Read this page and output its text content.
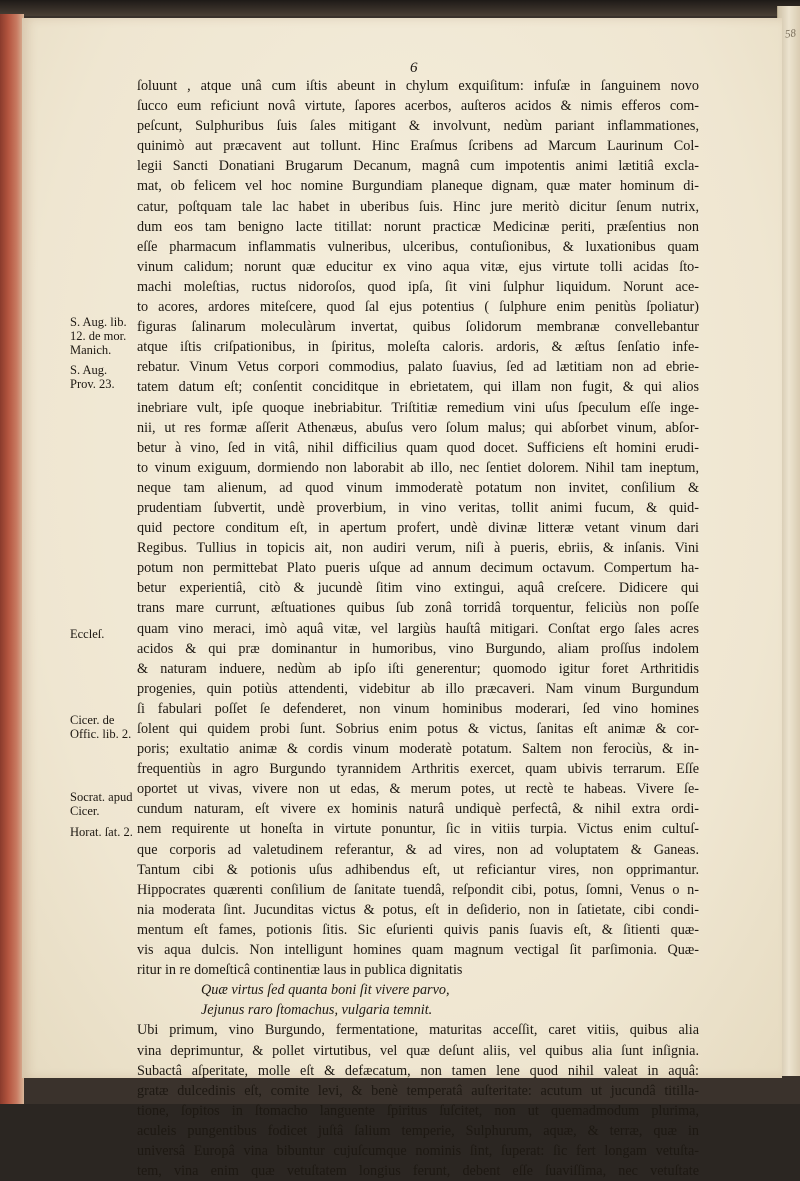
6
58
S. Aug. lib.
12. de mor.
Manich.
S. Aug.
Prov. 23.
Eccleſ.
Cicer. de
Offic. lib. 2.
Socrat. apud
Cicer.
Horat. ſat. 2.
ſoluunt , atque unâ cum iſtis abeunt in chylum exquiſitum: infuſæ in ſanguinem novo
ſucco eum reficiunt novâ virtute, ſapores acerbos, auſteros acidos & nimis efferos com-
peſcunt, Sulphuribus ſuis ſales mitigant & involvunt, nedùm pariant inflammationes,
quinimò aut præcavent aut tollunt. Hinc Eraſmus ſcribens ad Marcum Laurinum Col-
legii Sancti Donatiani Brugarum Decanum, magnâ cum impotentis animi lætitiâ excla-
mat, ob felicem vel hoc nomine Burgundiam planeque dignam, quæ mater hominum di-
catur, poſtquam tale lac habet in uberibus ſuis. Hinc jure meritò dicitur ſenum nutrix,
dum eos tam benigno lacte titillat: norunt practicæ Medicinæ periti, præſentius non
eſſe pharmacum inflammatis vulneribus, ulceribus, contuſionibus, & luxationibus quam
vinum calidum; norunt quæ educitur ex vino aqua vitæ, ejus virtute tolli acidas ſto-
machi moleſtias, ructus nidoroſos, quod ipſa, ſit vini ſulphur liquidum. Norunt ace-
to acores, ardores miteſcere, quod ſal ejus potentius ( ſulphure enim penitùs ſpoliatur)
figuras ſalinarum moleculàrum invertat, quibus ſolidorum membranæ convellebantur
atque iſtis criſpationibus, in ſpiritus, moleſta caloris. ardoris, & æſtus ſenſatio infe-
rebatur. Vinum Vetus corpori commodius, palato ſuavius, ſed ad lætitiam non ad ebrie-
tatem datum eſt; conſentit conciditque in ebrietatem, qui illam non fugit, & qui alios
inebriare vult, ipſe quoque inebriabitur. Triſtitiæ remedium vini uſus ſpeculum eſſe inge-
nii, ut res formæ aſſerit Athenæus, abuſus vero ſolum malus; qui abſorbet vinum, abſor-
betur à vino, ſed in vitâ, nihil difficilius quam quod docet. Sufficiens eſt homini erudi-
to vinum exiguum, dormiendo non laborabit ab illo, nec ſentiet dolorem. Nihil tam ineptum,
neque tam alienum, ad quod vinum immoderatè potatum non invitet, conſilium &
prudentiam ſubvertit, undè proverbium, in vino veritas, tollit animi fucum, & quid-
quid pectore conditum eſt, in apertum profert, undè divinæ litteræ vetant vinum dari
Regibus. Tullius in topicis ait, non audiri verum, niſi à pueris, ebriis, & inſanis. Vini
potum non permittebat Plato pueris uſque ad annum decimum octavum. Compertum ha-
betur experientiâ, citò & jucundè ſitim vino extingui, aquâ creſcere. Didicere qui
trans mare currunt, æſtuationes quibus ſub zonâ torridâ torquentur, feliciùs non poſſe
quam vino meraci, imò aquâ vitæ, vel largiùs hauſtâ mitigari. Conſtat ergo ſales acres
acidos & qui præ dominantur in humoribus, vino Burgundo, aliam proſſus indolem
& naturam induere, nedùm ab ipſo iſti generentur; quomodo igitur foret Arthritidis
progenies, quin potiùs attendenti, videbitur ab illo præcaveri. Nam vinum Burgundum
ſi fabulari poſſet ſe defenderet, non vinum hominibus moderari, ſed vino homines
ſolent qui quidem probi ſunt. Sobrius enim potus & victus, ſanitas eſt animæ & cor-
poris; exultatio animæ & cordis vinum moderatè potatum. Saltem non ferociùs, & in-
frequentiùs in agro Burgundo tyrannidem Arthritis exercet, quam ubivis terrarum. Eſſe
oportet ut vivas, vivere non ut edas, & merum potes, ut rectè te habeas. Vivere ſe-
cundum naturam, eſt vivere ex hominis naturâ undiquè perfectâ, & nihil extra ordi-
nem requirente ut honeſta in virtute ponuntur, ſic in vitiis turpia. Victus enim cultuſ-
que corporis ad valetudinem referantur, & ad vires, non ad voluptatem & Ganeas.
Tantum cibi & potionis uſus adhibendus eſt, ut reficiantur vires, non opprimantur.
Hippocrates quærenti conſilium de ſanitate tuendâ, reſpondit cibi, potus, ſomni, Venus o n-
nia moderata ſint. Jucunditas victus & potus, eſt in deſiderio, non in ſatietate, cibi condi-
mentum eſt fames, potionis ſitis. Sic eſurienti quivis panis ſuavis eſt, & ſitienti quæ-
vis aqua dulcis. Non intelligunt homines quam magnum vectigal ſit parſimonia. Quæ-
ritur in re domeſticâ continentiæ laus in publica dignitatis
Quæ virtus ſed quanta boni ſit vivere parvo,
Jejunus raro ſtomachus, vulgaria temnit.
Ubi primum, vino Burgundo, fermentatione, maturitas acceſſit, caret vitiis, quibus alia
vina deprimuntur, & pollet virtutibus, vel quæ deſunt aliis, vel quibus alia ſunt inſignia.
Subactâ aſperitate, molle eſt & defæcatum, non tamen lene quod nihil valeat in aquâ:
gratæ dulcedinis eſt, comite levi, & benè temperatâ auſteritate: acutum ut jucundâ titilla-
tione, ſopitos in ſtomacho languente ſpiritus ſuſcitet, non ut quemadmodum plurima,
aculeis pungentibus fodicet juſtâ ſalium temperie, Sulphurum, aquæ, & terræ, quæ in
universâ Europâ vina bibuntur cujuſcumque nominis ſint, ſuperat: ſic fert longam vetuſta-
tem, vina enim quæ vetuſtatem longius ferunt, debent eſſe ſuaviſſima, nec vetuſtate
